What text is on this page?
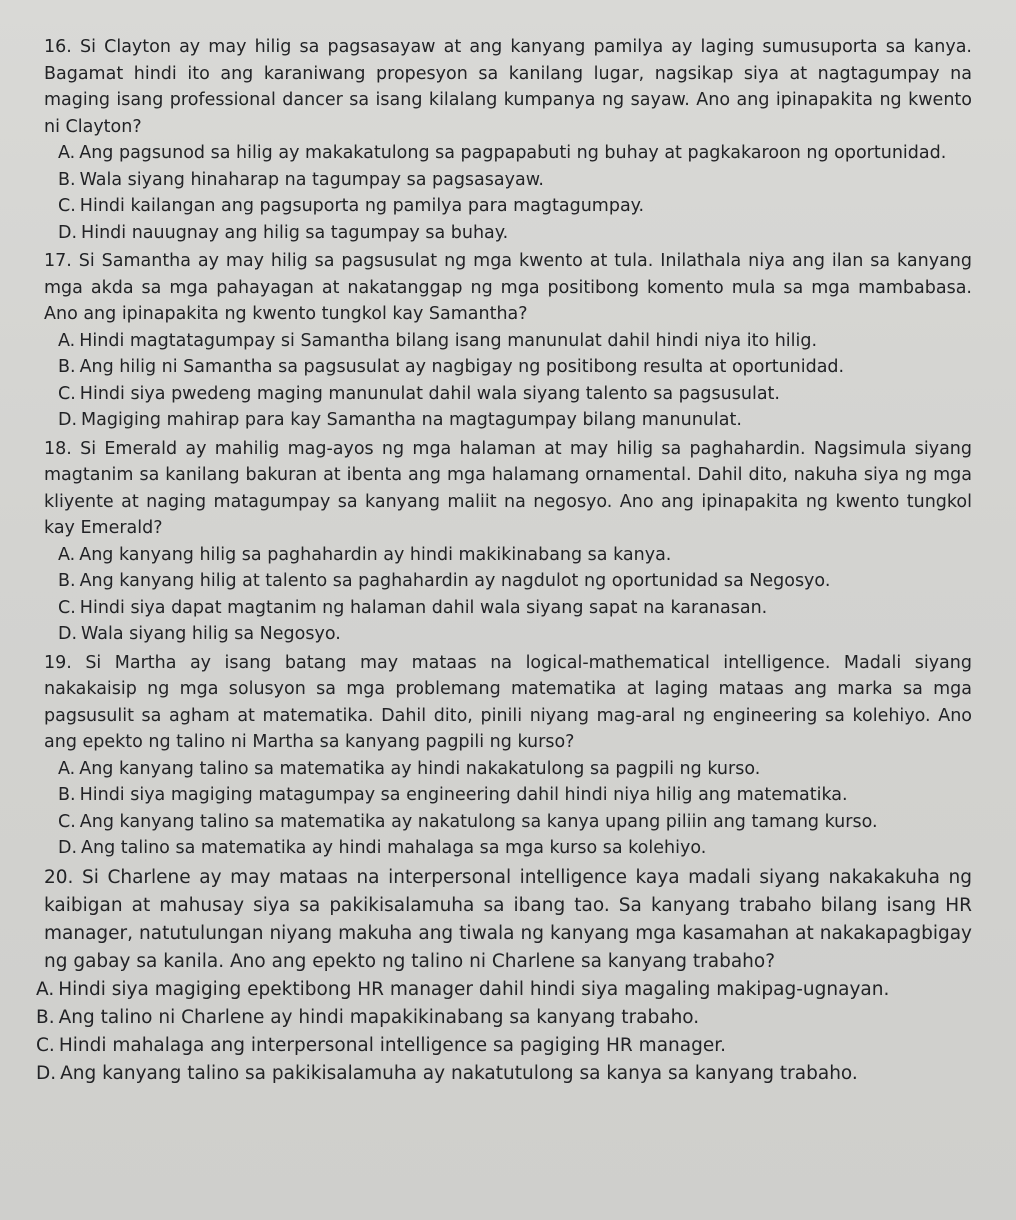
16. Si Clayton ay may hilig sa pagsasayaw at ang kanyang pamilya ay laging sumusuporta sa kanya. Bagamat hindi ito ang karaniwang propesyon sa kanilang lugar, nagsikap siya at nagtagumpay na maging isang professional dancer sa isang kilalang kumpanya ng sayaw. Ano ang ipinapakita ng kwento ni Clayton?

A. Ang pagsunod sa hilig ay makakatulong sa pagpapabuti ng buhay at pagkakaroon ng oportunidad.

B. Wala siyang hinaharap na tagumpay sa pagsasayaw.

C. Hindi kailangan ang pagsuporta ng pamilya para magtagumpay.

D. Hindi nauugnay ang hilig sa tagumpay sa buhay.

17. Si Samantha ay may hilig sa pagsusulat ng mga kwento at tula. Inilathala niya ang ilan sa kanyang mga akda sa mga pahayagan at nakatanggap ng mga positibong komento mula sa mga mambabasa. Ano ang ipinapakita ng kwento tungkol kay Samantha?

A. Hindi magtatagumpay si Samantha bilang isang manunulat dahil hindi niya ito hilig.

B. Ang hilig ni Samantha sa pagsusulat ay nagbigay ng positibong resulta at oportunidad.

C. Hindi siya pwedeng maging manunulat dahil wala siyang talento sa pagsusulat.

D. Magiging mahirap para kay Samantha na magtagumpay bilang manunulat.

18. Si Emerald ay mahilig mag-ayos ng mga halaman at may hilig sa paghahardin. Nagsimula siyang magtanim sa kanilang bakuran at ibenta ang mga halamang ornamental. Dahil dito, nakuha siya ng mga kliyente at naging matagumpay sa kanyang maliit na negosyo. Ano ang ipinapakita ng kwento tungkol kay Emerald?

A. Ang kanyang hilig sa paghahardin ay hindi makikinabang sa kanya.

B. Ang kanyang hilig at talento sa paghahardin ay nagdulot ng oportunidad sa Negosyo.

C. Hindi siya dapat magtanim ng halaman dahil wala siyang sapat na karanasan.

D. Wala siyang hilig sa Negosyo.

19. Si Martha ay isang batang may mataas na logical-mathematical intelligence. Madali siyang nakakaisip ng mga solusyon sa mga problemang matematika at laging mataas ang marka sa mga pagsusulit sa agham at matematika. Dahil dito, pinili niyang mag-aral ng engineering sa kolehiyo. Ano ang epekto ng talino ni Martha sa kanyang pagpili ng kurso?

A. Ang kanyang talino sa matematika ay hindi nakakatulong sa pagpili ng kurso.

B. Hindi siya magiging matagumpay sa engineering dahil hindi niya hilig ang matematika.

C. Ang kanyang talino sa matematika ay nakatulong sa kanya upang piliin ang tamang kurso.

D. Ang talino sa matematika ay hindi mahalaga sa mga kurso sa kolehiyo.

20. Si Charlene ay may mataas na interpersonal intelligence kaya madali siyang nakakakuha ng kaibigan at mahusay siya sa pakikisalamuha sa ibang tao. Sa kanyang trabaho bilang isang HR manager, natutulungan niyang makuha ang tiwala ng kanyang mga kasamahan at nakakapagbigay ng gabay sa kanila. Ano ang epekto ng talino ni Charlene sa kanyang trabaho?

A. Hindi siya magiging epektibong HR manager dahil hindi siya magaling makipag-ugnayan.

B. Ang talino ni Charlene ay hindi mapakikinabang sa kanyang trabaho.

C. Hindi mahalaga ang interpersonal intelligence sa pagiging HR manager.

D. Ang kanyang talino sa pakikisalamuha ay nakatutulong sa kanya sa kanyang trabaho.
